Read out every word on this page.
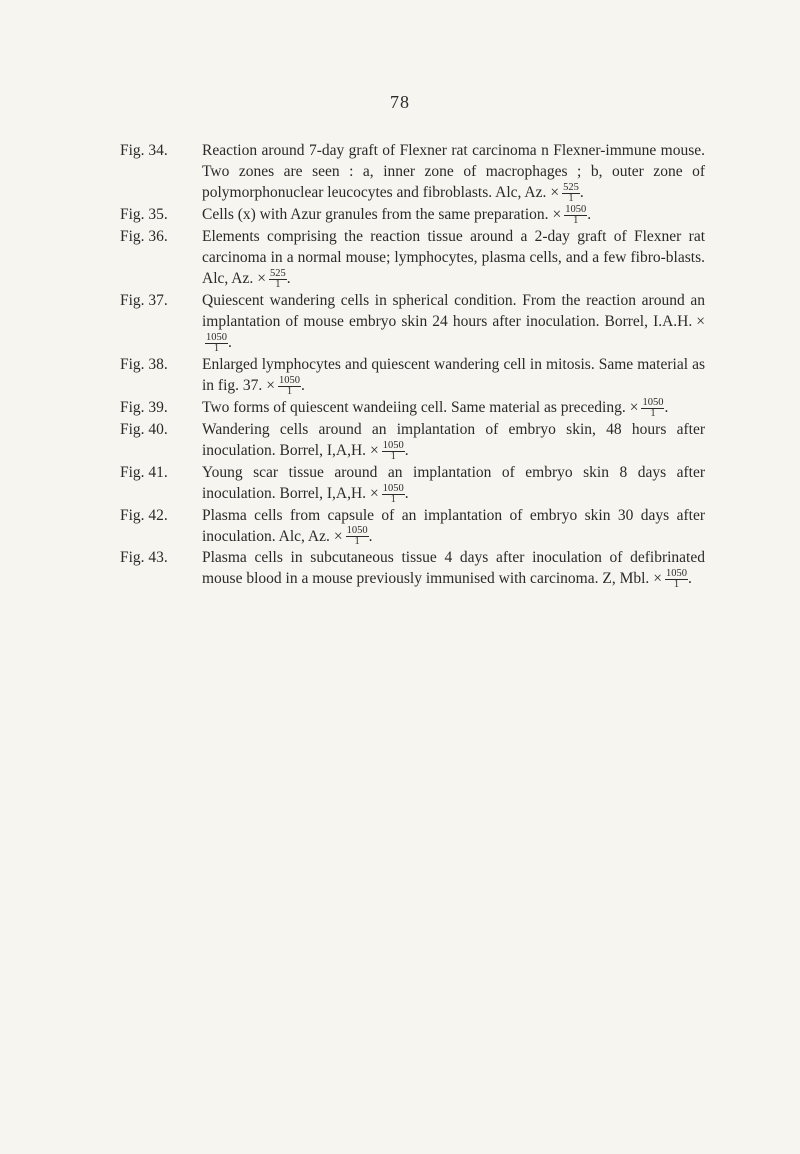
78
Fig. 34.	Reaction around 7-day graft of Flexner rat carcinoma n Flexner-immune mouse. Two zones are seen : a, inner zone of macrophages ; b, outer zone of polymorphonuclear leucocytes and fibroblasts. Alc, Az. × $\frac{525}{1}$ .
Fig. 35.	Cells (x) with Azur granules from the same preparation. × $\frac{1050}{1}$ .
Fig. 36.	Elements comprising the reaction tissue around a 2-day graft of Flexner rat carcinoma in a normal mouse; lymphocytes, plasma cells, and a few fibro-blasts. Alc, Az. × $\frac{525}{1}$ .
Fig. 37.	Quiescent wandering cells in spherical condition. From the reaction around an implantation of mouse embryo skin 24 hours after inoculation. Borrel, I.A.H. ×
$\frac{1050}{1}$ .
Fig. 38.	Enlarged lymphocytes and quiescent wandering cell in mitosis. Same material as in fig. 37. × $\frac{1050}{1}$ .
Fig. 39.	Two forms of quiescent wandeiing cell. Same material as preceding. × $\frac{1050}{1}$ .
Fig. 40.	Wandering cells around an implantation of embryo skin, 48 hours after inoculation. Borrel, I,A,H. × $\frac{1050}{1}$ .
Fig. 41.	Young scar tissue around an implantation of embryo skin 8 days after inoculation. Borrel, I,A,H. × $\frac{1050}{1}$ .
Fig. 42.	Plasma cells from capsule of an implantation of embryo skin 30 days after inoculation. Alc, Az. × $\frac{1050}{1}$ .
Fig. 43.	Plasma cells in subcutaneous tissue 4 days after inoculation of defibrinated mouse blood in a mouse previously immunised with carcinoma. Z, Mbl. × $\frac{1050}{1}$ .
